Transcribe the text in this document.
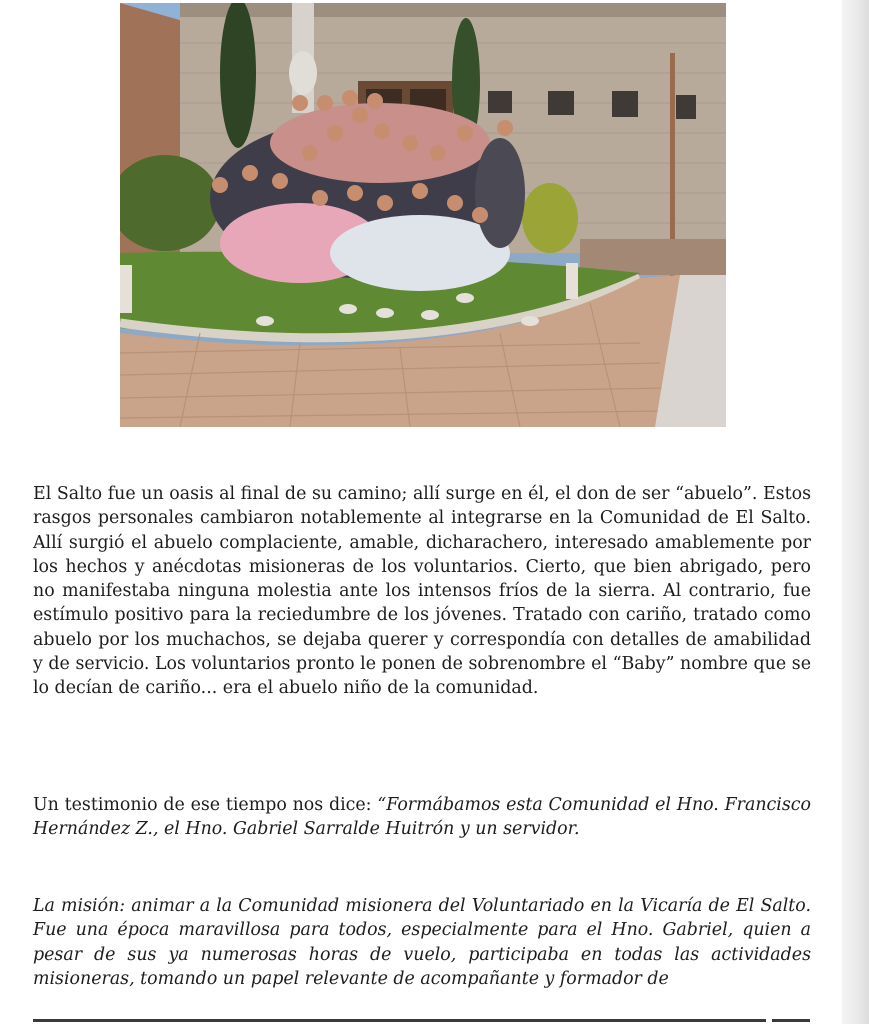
El Salto fue un oasis al final de su camino; allí surge en él, el don de ser “abuelo”. Estos rasgos personales cambiaron notablemente al integrarse en la Comunidad de El Salto. Allí surgió el abuelo complaciente, amable, dicharachero, interesado amablemente por los hechos y anécdotas misioneras de los voluntarios. Cierto, que bien abrigado, pero no manifestaba ninguna molestia ante los intensos fríos de la sierra. Al contrario, fue estímulo positivo para la reciedumbre de los jóvenes. Tratado con cariño, tratado como abuelo por los muchachos, se dejaba querer y correspondía con detalles de amabilidad y de servicio. Los voluntarios pronto le ponen de sobrenombre el “Baby” nombre que se lo decían de cariño... era el abuelo niño de la comunidad.

Un testimonio de ese tiempo nos dice: “Formábamos esta Comunidad el Hno. Francisco Hernández Z., el Hno. Gabriel Sarralde Huitrón y un servidor.

La misión: animar a la Comunidad misionera del Voluntariado en la Vicaría de El Salto. Fue una época maravillosa para todos, especialmente para el Hno. Gabriel, quien a pesar de sus ya numerosas horas de vuelo, participaba en todas las actividades misioneras, tomando un papel relevante de acompañante y formador de
